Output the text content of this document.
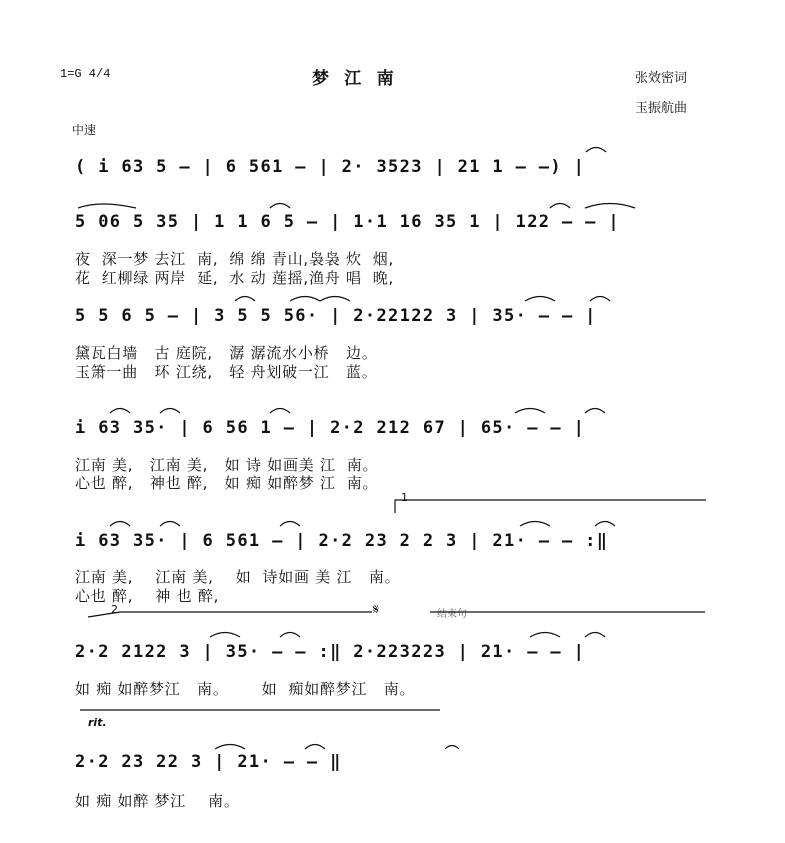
1=G 4/4	梦江南	张效密词
玉振航曲
中速
( i 63 5 — | 6 561 — | 2· 3523 | 21 1 — —) |
5 06 5 35 | 1 1 6 5 — | 1·1 16 35 1 | 122 — — |
夜  深一梦 去江  南,  绵 绵 青山,袅袅 炊  烟,
花  红柳绿 两岸  延,  水 动 莲摇,渔舟 唱  晚,
5 5 6 5 — | 3 5 5 56· | 2·22122 3 | 35· — — |
黛瓦白墙   古 庭院,   潺 潺流水小桥   边。
玉箫一曲   环 江绕,   轻 舟划破一江   蓝。
i 63 35· | 6 56 1 — | 2·2 212 67 | 65· — — |
江南 美,   江南 美,   如 诗 如画美 江  南。
心也 醉,   神也 醉,   如 痴 如醉梦 江  南。
i 63 35· | 6 561 — | 2·2 23 2 2 3 | 21· — — :‖
江南 美,    江南 美,    如  诗如画 美 江   南。
心也 醉,    神 也 醉,
2·2 2122 3 | 35· — — :‖ 2·223223 | 21· — — |
如 痴 如醉梦江   南。      如  痴如醉梦江   南。
2·2 23 22 3 | 21· — — ‖
如 痴 如醉 梦江    南。
1
2	𝄋	结束句
rit.
